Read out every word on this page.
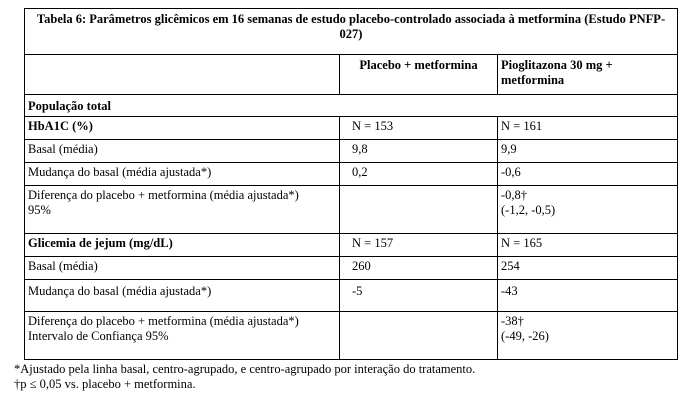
Tabela 6: Parâmetros glicêmicos em 16 semanas de estudo placebo-controlado associada à metformina (Estudo PNFP-027)		
	Placebo + metformina	Pioglitazona 30 mg + metformina
População total		
HbA1C (%)	N = 153	N = 161
Basal (média)	9,8	9,9
Mudança do basal (média ajustada*)	0,2	-0,6

Diferença do placebo + metformina (média ajustada*)
95%		-0,8†
(-1,2, -0,5)

Glicemia de jejum (mg/dL)	N = 157	N = 165
Basal (média)	260	254
Mudança do basal (média ajustada*)	-5	-43

Diferença do placebo + metformina (média ajustada*)
Intervalo de Confiança 95%		-38†
(-49, -26)
*Ajustado pela linha basal, centro-agrupado, e centro-agrupado por interação do tratamento.
†p ≤ 0,05 vs. placebo + metformina.
